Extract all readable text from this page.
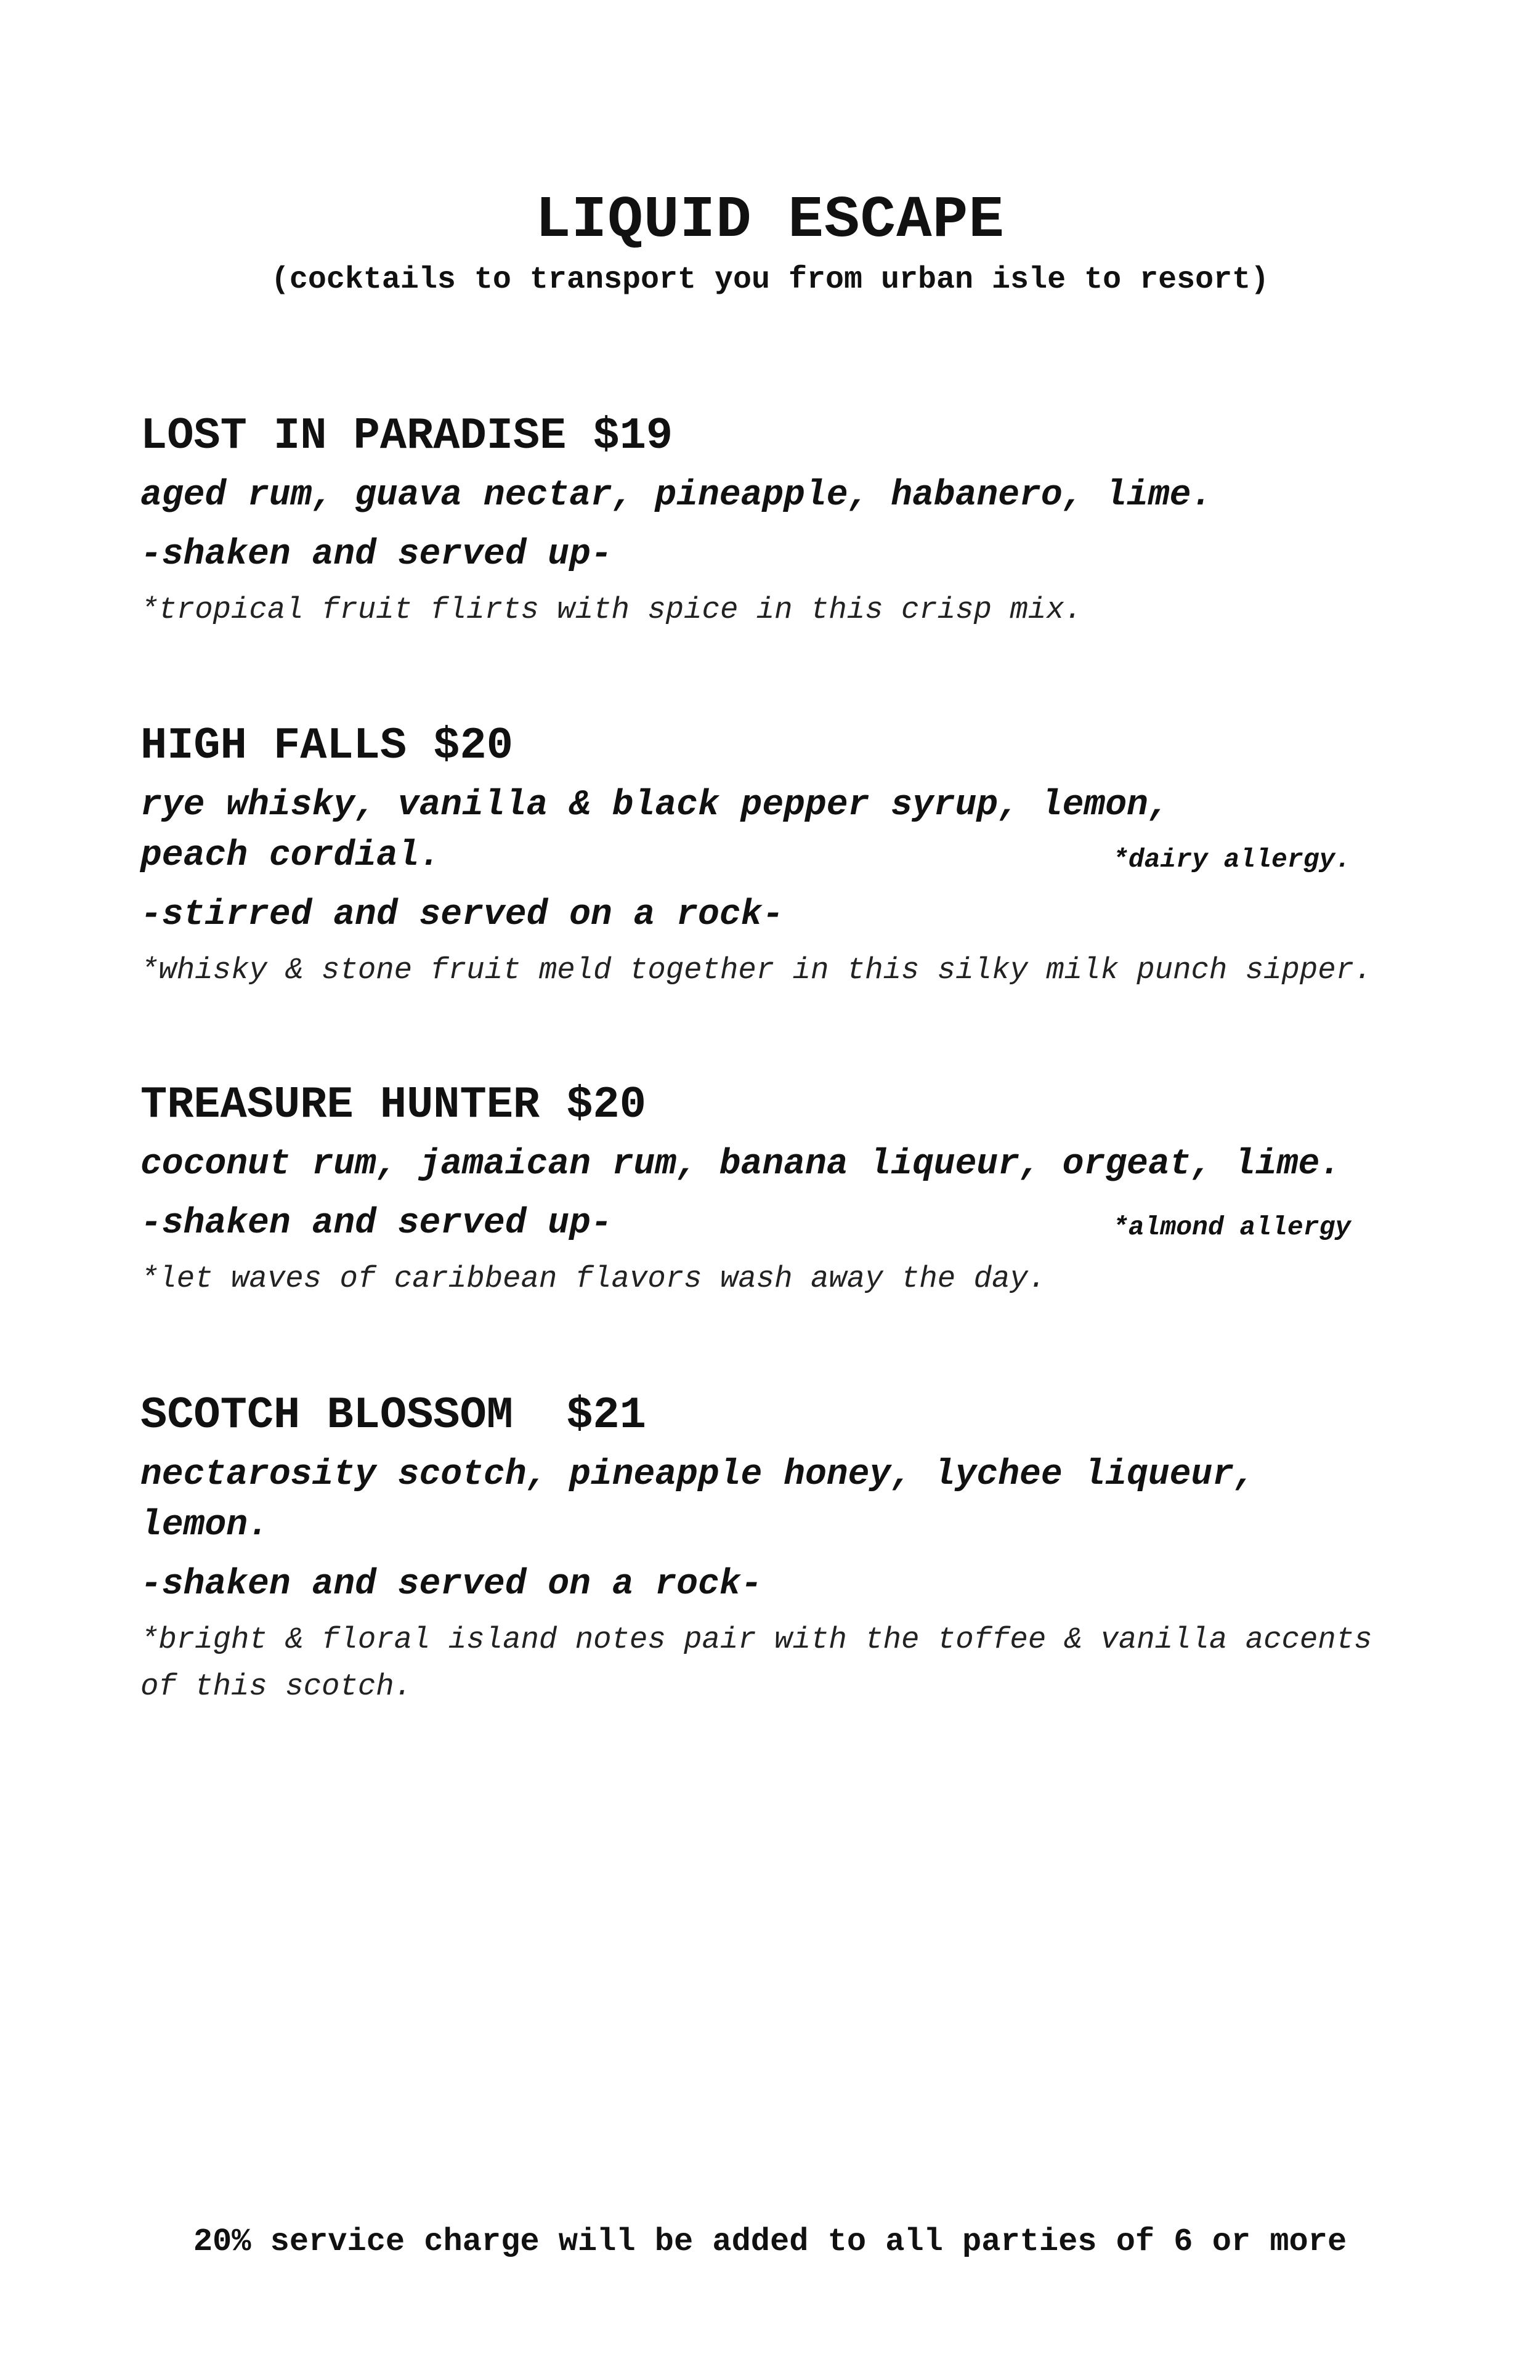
LIQUID ESCAPE
(cocktails to transport you from urban isle to resort)
LOST IN PARADISE $19
aged rum, guava nectar, pineapple, habanero, lime.
-shaken and served up-
*tropical fruit flirts with spice in this crisp mix.
HIGH FALLS $20
rye whisky, vanilla & black pepper syrup, lemon,
peach cordial.	*dairy allergy.
-stirred and served on a rock-
*whisky & stone fruit meld together in this silky milk punch sipper.
TREASURE HUNTER $20
coconut rum, jamaican rum, banana liqueur, orgeat, lime.
-shaken and served up-	*almond allergy
*let waves of caribbean flavors wash away the day.
SCOTCH BLOSSOM  $21
nectarosity scotch, pineapple honey, lychee liqueur,
lemon.
-shaken and served on a rock-
*bright & floral island notes pair with the toffee & vanilla accents
of this scotch.
20% service charge will be added to all parties of 6 or more
